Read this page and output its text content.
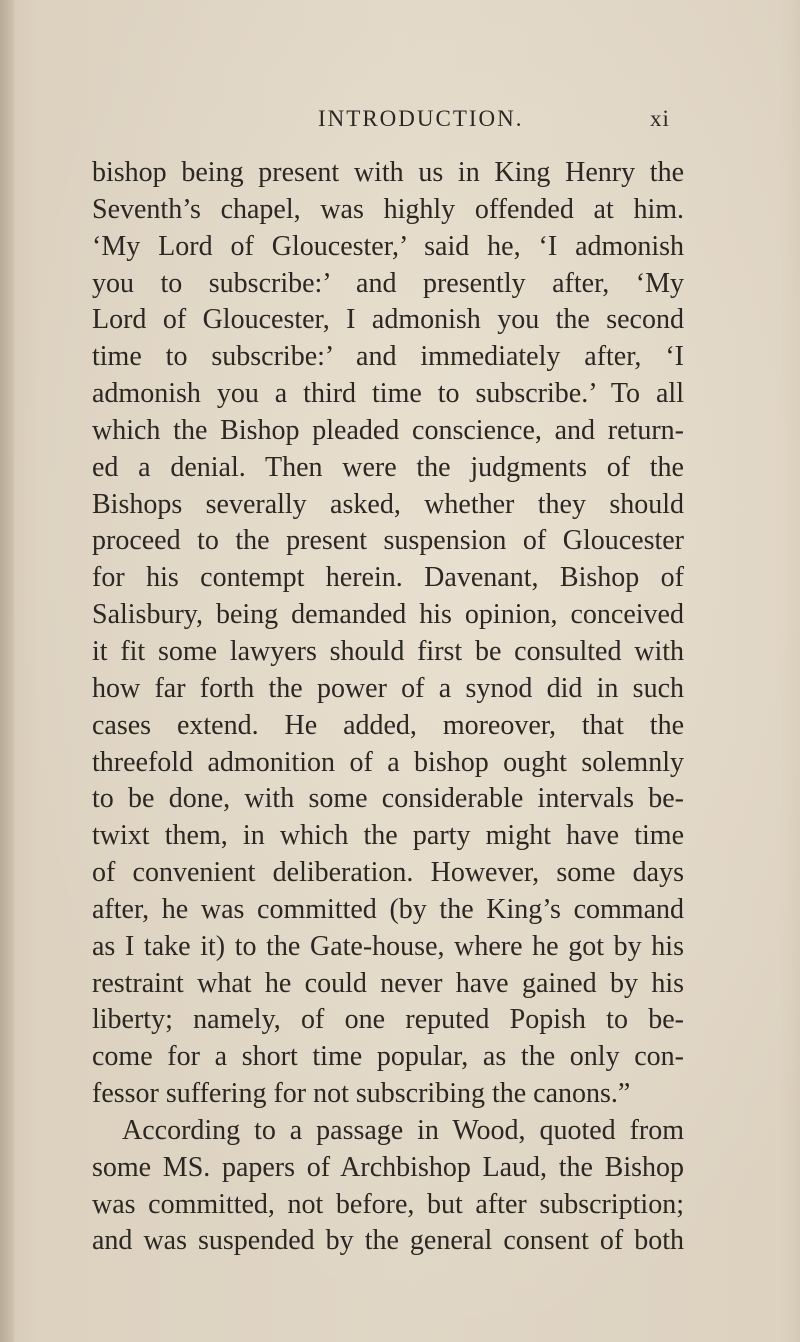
INTRODUCTION.	xi
bishop being present with us in King Henry the
Seventh’s chapel, was highly offended at him.
‘My Lord of Gloucester,’ said he, ‘I admonish
you to subscribe:’ and presently after, ‘My
Lord of Gloucester, I admonish you the second
time to subscribe:’ and immediately after, ‘I
admonish you a third time to subscribe.’ To all
which the Bishop pleaded conscience, and return-
ed a denial. Then were the judgments of the
Bishops severally asked, whether they should
proceed to the present suspension of Gloucester
for his contempt herein. Davenant, Bishop of
Salisbury, being demanded his opinion, conceived
it fit some lawyers should first be consulted with
how far forth the power of a synod did in such
cases extend. He added, moreover, that the
threefold admonition of a bishop ought solemnly
to be done, with some considerable intervals be-
twixt them, in which the party might have time
of convenient deliberation. However, some days
after, he was committed (by the King’s command
as I take it) to the Gate-house, where he got by his
restraint what he could never have gained by his
liberty; namely, of one reputed Popish to be-
come for a short time popular, as the only con-
fessor suffering for not subscribing the canons.”
According to a passage in Wood, quoted from
some MS. papers of Archbishop Laud, the Bishop
was committed, not before, but after subscription;
and was suspended by the general consent of both
